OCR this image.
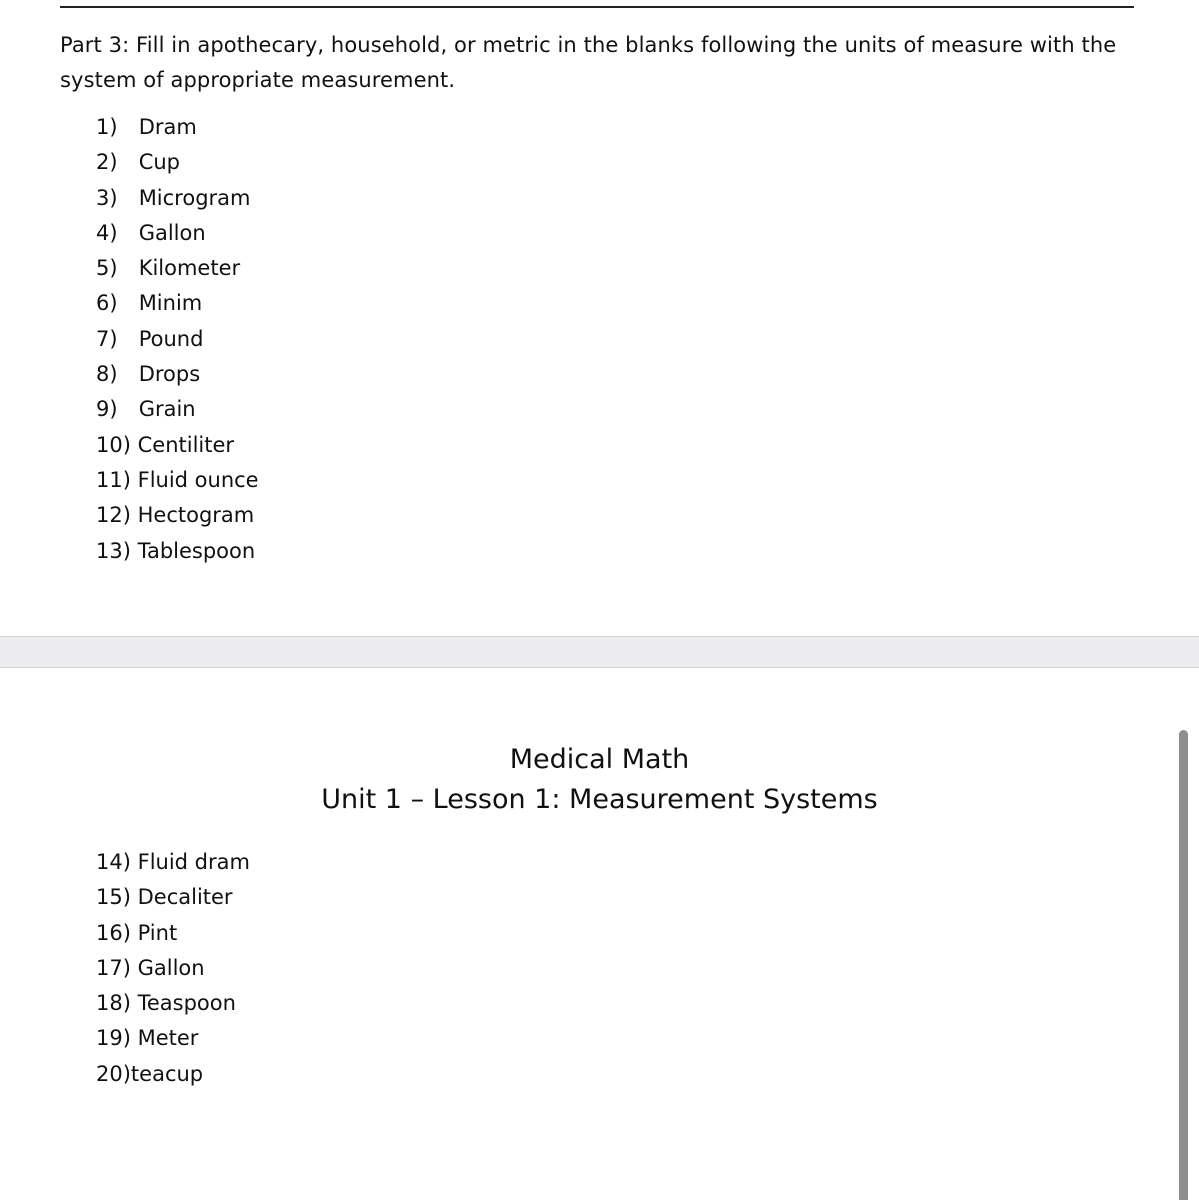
Part 3: Fill in apothecary, household, or metric in the blanks following the units of measure with the system of appropriate measurement.
1) Dram
2) Cup
3) Microgram
4) Gallon
5) Kilometer
6) Minim
7) Pound
8) Drops
9) Grain
10) Centiliter
11) Fluid ounce
12) Hectogram
13) Tablespoon
Medical Math
Unit 1 – Lesson 1: Measurement Systems
14) Fluid dram
15) Decaliter
16) Pint
17) Gallon
18) Teaspoon
19) Meter
20)teacup
